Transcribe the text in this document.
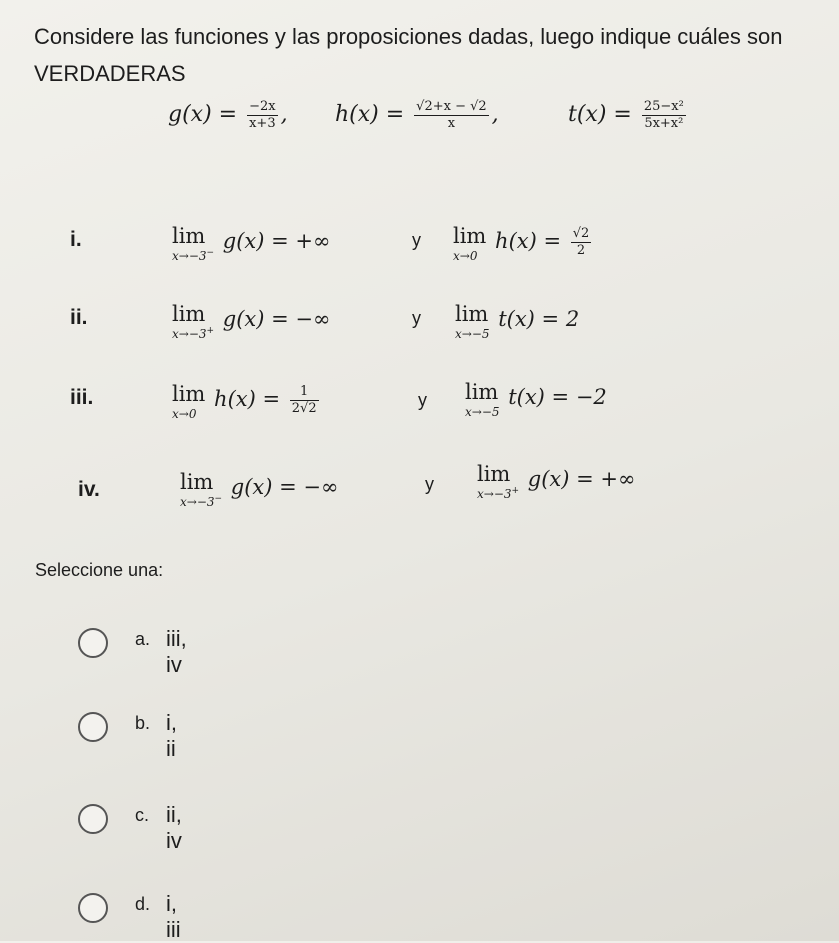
Considere las funciones y las proposiciones dadas, luego indique cuáles son
VERDADERAS
$g(x) = \frac{-2x}{x+3}$ , $h(x) = \frac{√2+x - √2}{x}$ ,	$t(x) = \frac{\text{25−x²}}{\text{5x+x²}}$
i.	lim
x→−3− g(x) = +∞	y lim
x→0
$h(x) = \frac{√2}{2}$
ii.	lim
x→−3+ g(x) = −∞	y lim
x→−5
t(x) = 2
iii.	lim
x→0
$h(x) = \frac{1}{2√2}$	y lim
x→−5
t(x) = −2
iv.	lim
x→−3− g(x) = −∞	y lim
x→−3+ g(x) = +∞
Seleccione una:
a. iii, iv
b. i, ii
c. ii, iv
d. i, iii
